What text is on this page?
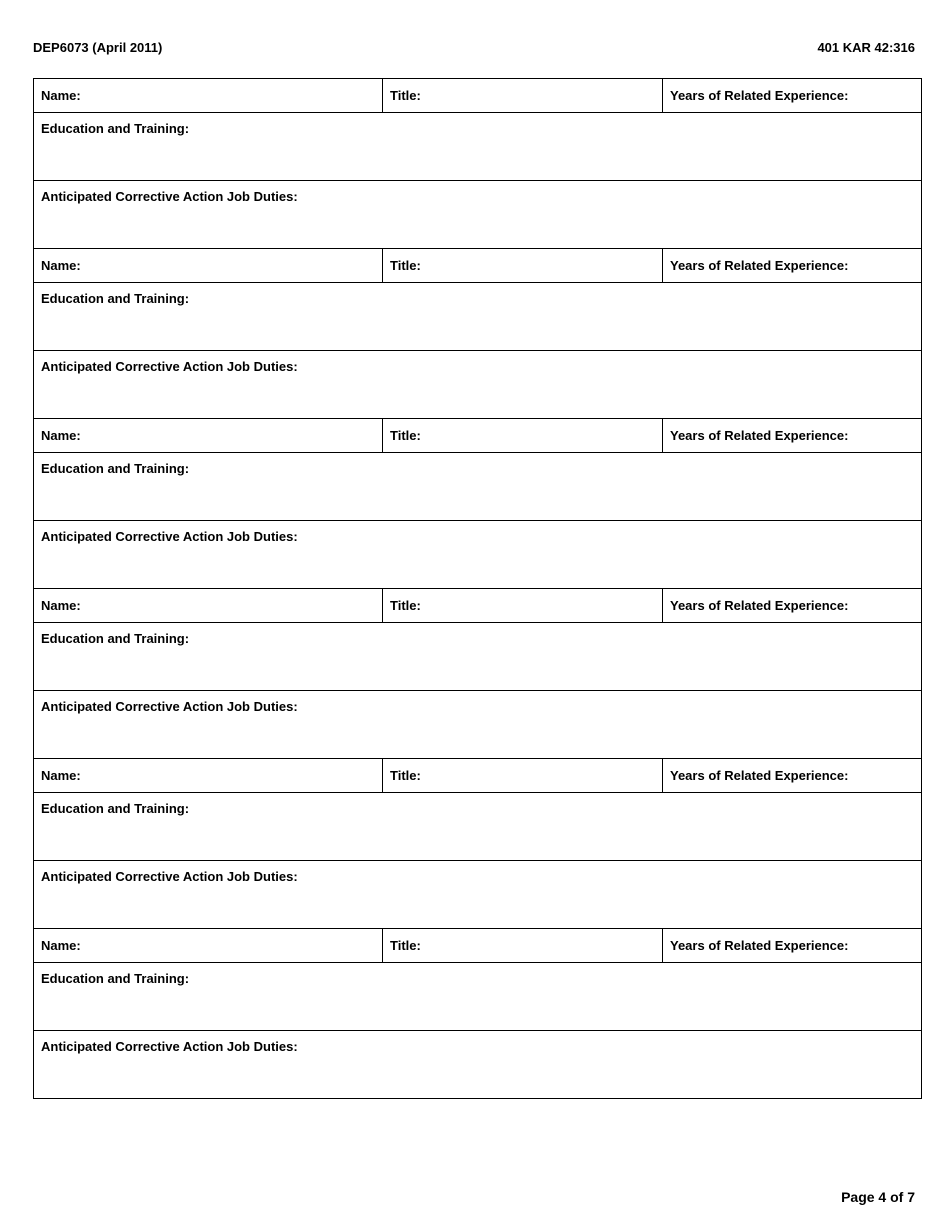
DEP6073 (April 2011)	401 KAR 42:316
Name:	Title:	Years of Related Experience:
Education and Training:		
Anticipated Corrective Action Job Duties:		
Name:	Title:	Years of Related Experience:
Education and Training:		
Anticipated Corrective Action Job Duties:		
Name:	Title:	Years of Related Experience:
Education and Training:		
Anticipated Corrective Action Job Duties:		
Name:	Title:	Years of Related Experience:
Education and Training:		
Anticipated Corrective Action Job Duties:		
Name:	Title:	Years of Related Experience:
Education and Training:		
Anticipated Corrective Action Job Duties:		
Name:	Title:	Years of Related Experience:
Education and Training:		
Anticipated Corrective Action Job Duties:		
Page 4 of 7
